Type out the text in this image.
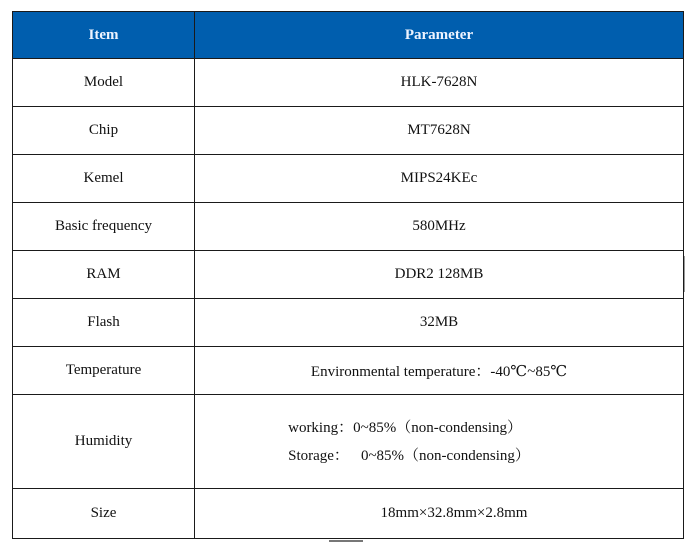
Item	Parameter
Model	HLK-7628N
Chip	MT7628N
Kemel	MIPS24KEc
Basic frequency	580MHz
RAM	DDR2 128MB
Flash	32MB
Temperature	Environmental temperature：-40℃~85℃
Humidity	working：0~85%（non-condensing）
Storage： 0~85%（non-condensing）

Size	18mm×32.8mm×2.8mm
